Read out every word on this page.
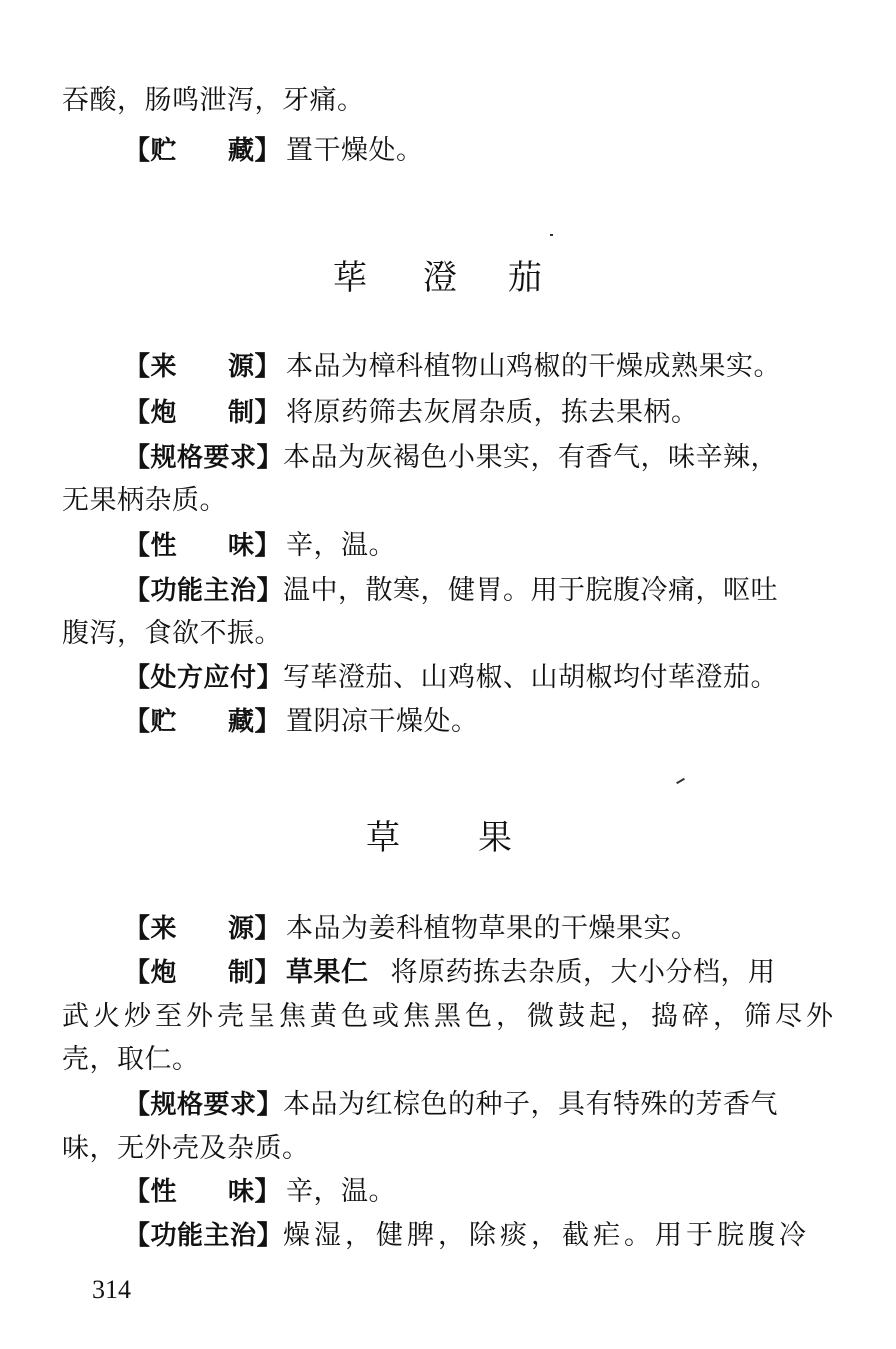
吞酸，肠鸣泄泻，牙痛。
【贮 藏】 置干燥处。
荜 澄 茄
【来 源】 本品为樟科植物山鸡椒的干燥成熟果实。
【炮 制】 将原药筛去灰屑杂质，拣去果柄。
【规格要求】本品为灰褐色小果实，有香气，味辛辣，
无果柄杂质。
【性 味】 辛，温。
【功能主治】温中，散寒，健胃。用于脘腹冷痛，呕吐
腹泻，食欲不振。
【处方应付】写荜澄茄、山鸡椒、山胡椒均付荜澄茄。
【贮 藏】 置阴凉干燥处。
草 果
【来 源】 本品为姜科植物草果的干燥果实。
【炮 制】 草果仁 将原药拣去杂质，大小分档，用
武火炒至外壳呈焦黄色或焦黑色，微鼓起，捣碎，筛尽外
壳，取仁。
【规格要求】本品为红棕色的种子，具有特殊的芳香气
味，无外壳及杂质。
【性 味】 辛，温。
【功能主治】燥湿，健脾，除痰，截疟。用于脘腹冷
314
